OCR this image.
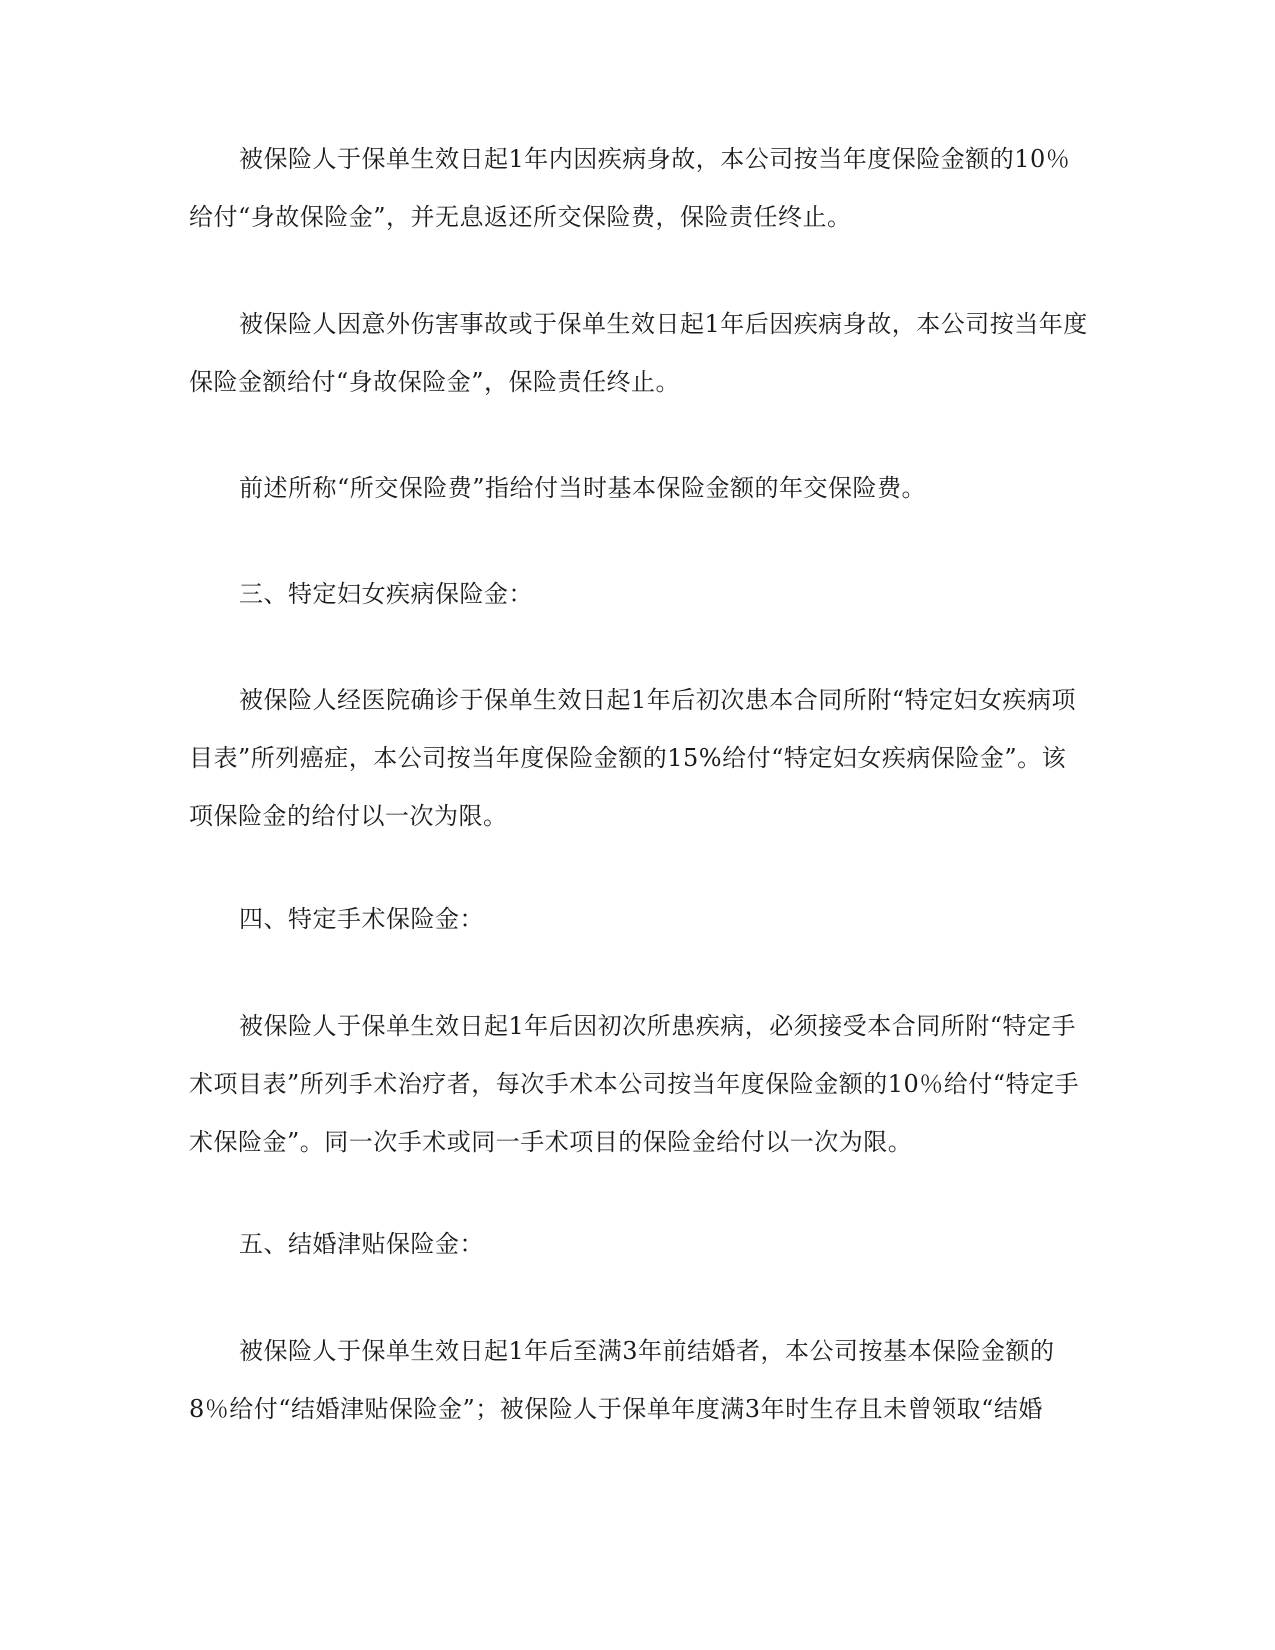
被保险人于保单生效日起1年内因疾病身故，本公司按当年度保险金额的10％给付“身故保险金”，并无息返还所交保险费，保险责任终止。

被保险人因意外伤害事故或于保单生效日起1年后因疾病身故，本公司按当年度保险金额给付“身故保险金”，保险责任终止。

前述所称“所交保险费”指给付当时基本保险金额的年交保险费。

三、特定妇女疾病保险金：

被保险人经医院确诊于保单生效日起1年后初次患本合同所附“特定妇女疾病项目表”所列癌症，本公司按当年度保险金额的15%给付“特定妇女疾病保险金”。该项保险金的给付以一次为限。

四、特定手术保险金：

被保险人于保单生效日起1年后因初次所患疾病，必须接受本合同所附“特定手术项目表”所列手术治疗者，每次手术本公司按当年度保险金额的10％给付“特定手术保险金”。同一次手术或同一手术项目的保险金给付以一次为限。

五、结婚津贴保险金：

被保险人于保单生效日起1年后至满3年前结婚者，本公司按基本保险金额的8％给付“结婚津贴保险金”；被保险人于保单年度满3年时生存且未曾领取“结婚
